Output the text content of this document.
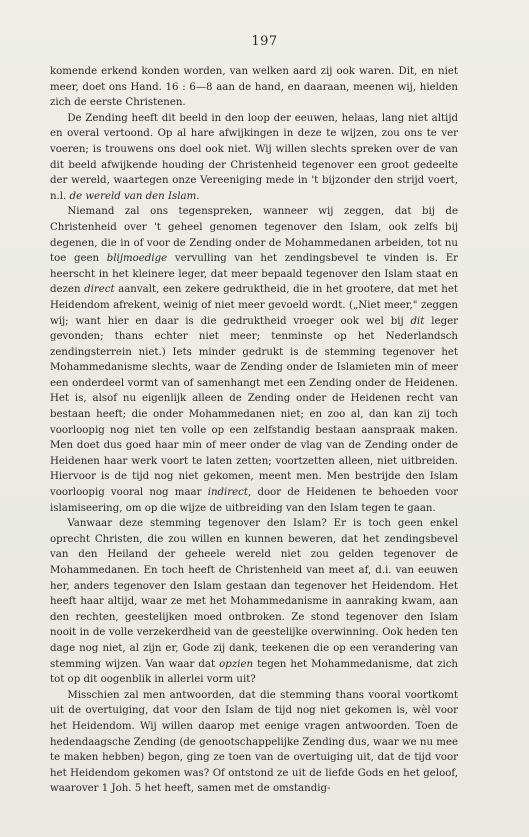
197

komende erkend konden worden, van welken aard zij ook waren. Dit, en niet meer, doet ons Hand. 16 : 6—8 aan de hand, en daaraan, meenen wij, hielden zich de eerste Christenen.

De Zending heeft dit beeld in den loop der eeuwen, helaas, lang niet altijd en overal vertoond. Op al hare afwijkingen in deze te wijzen, zou ons te ver voeren; is trouwens ons doel ook niet. Wij willen slechts spreken over de van dit beeld afwijkende houding der Christenheid tegenover een groot gedeelte der wereld, waartegen onze Vereeniging mede in 't bijzonder den strijd voert, n.l. de wereld van den Islam.

Niemand zal ons tegenspreken, wanneer wij zeggen, dat bij de Christenheid over 't geheel genomen tegenover den Islam, ook zelfs bij degenen, die in of voor de Zending onder de Mohammedanen arbeiden, tot nu toe geen blijmoedige vervulling van het zendingsbevel te vinden is. Er heerscht in het kleinere leger, dat meer bepaald tegenover den Islam staat en dezen direct aanvalt, een zekere gedruktheid, die in het grootere, dat met het Heidendom afrekent, weinig of niet meer gevoeld wordt. („Niet meer," zeggen wij; want hier en daar is die gedruktheid vroeger ook wel bij dit leger gevonden; thans echter niet meer; tenminste op het Nederlandsch zendingsterrein niet.) Iets minder gedrukt is de stemming tegenover het Mohammedanisme slechts, waar de Zending onder de Islamieten min of meer een onderdeel vormt van of samenhangt met een Zending onder de Heidenen. Het is, alsof nu eigenlijk alleen de Zending onder de Heidenen recht van bestaan heeft; die onder Mohammedanen niet; en zoo al, dan kan zij toch voorloopig nog niet ten volle op een zelfstandig bestaan aanspraak maken. Men doet dus goed haar min of meer onder de vlag van de Zending onder de Heidenen haar werk voort te laten zetten; voortzetten alleen, niet uitbreiden. Hiervoor is de tijd nog niet gekomen, meent men. Men bestrijde den Islam voorloopig vooral nog maar indirect, door de Heidenen te behoeden voor islamiseering, om op die wijze de uitbreiding van den Islam tegen te gaan.

Vanwaar deze stemming tegenover den Islam? Er is toch geen enkel oprecht Christen, die zou willen en kunnen beweren, dat het zendingsbevel van den Heiland der geheele wereld niet zou gelden tegenover de Mohammedanen. En toch heeft de Christenheid van meet af, d.i. van eeuwen her, anders tegenover den Islam gestaan dan tegenover het Heidendom. Het heeft haar altijd, waar ze met het Mohammedanisme in aanraking kwam, aan den rechten, geestelijken moed ontbroken. Ze stond tegenover den Islam nooit in de volle verzekerdheid van de geestelijke overwinning. Ook heden ten dage nog niet, al zijn er, Gode zij dank, teekenen die op een verandering van stemming wijzen. Van waar dat opzien tegen het Mohammedanisme, dat zich tot op dit oogenblik in allerlei vorm uit?

Misschien zal men antwoorden, dat die stemming thans vooral voortkomt uit de overtuiging, dat voor den Islam de tijd nog niet gekomen is, wèl voor het Heidendom. Wij willen daarop met eenige vragen antwoorden. Toen de hedendaagsche Zending (de genootschappelijke Zending dus, waar we nu mee te maken hebben) begon, ging ze toen van de overtuiging uit, dat de tijd voor het Heidendom gekomen was? Of ontstond ze uit de liefde Gods en het geloof, waarover 1 Joh. 5 het heeft, samen met de omstandig-
